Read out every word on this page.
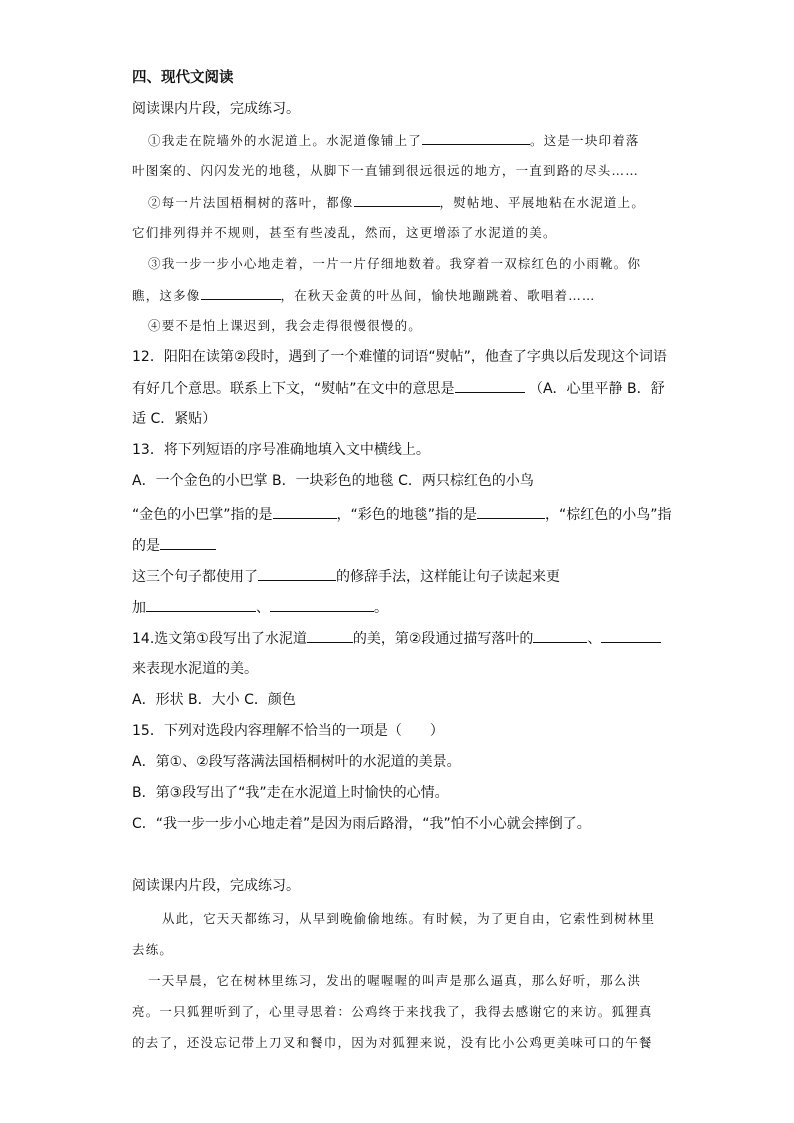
四、现代文阅读
阅读课内片段，完成练习。
①我走在院墙外的水泥道上。水泥道像铺上了	。这是一块印着落
叶图案的、闪闪发光的地毯，从脚下一直铺到很远很远的地方，一直到路的尽头……
②每一片法国梧桐树的落叶，都像	，熨帖地、平展地粘在水泥道上。
它们排列得并不规则，甚至有些凌乱，然而，这更增添了水泥道的美。
③我一步一步小心地走着，一片一片仔细地数着。我穿着一双棕红色的小雨靴。你
瞧，这多像	，在秋天金黄的叶丛间，愉快地蹦跳着、歌唱着……
④要不是怕上课迟到，我会走得很慢很慢的。
12．阳阳在读第②段时，遇到了一个难懂的词语“熨帖”，他查了字典以后发现这个词语
有好几个意思。联系上下文，“熨帖”在文中的意思是	（A．心里平静 B．舒
适 C．紧贴）
13．将下列短语的序号准确地填入文中横线上。
A．一个金色的小巴掌 B．一块彩色的地毯 C．两只棕红色的小鸟
“金色的小巴掌”指的是	，“彩色的地毯”指的是	，“棕红色的小鸟”指
的是
这三个句子都使用了	的修辞手法，这样能让句子读起来更
加	、	。
14.选文第①段写出了水泥道	的美，第②段通过描写落叶的	、
来表现水泥道的美。
A．形状 B．大小 C．颜色
15．下列对选段内容理解不恰当的一项是（　　）
A．第①、②段写落满法国梧桐树叶的水泥道的美景。
B．第③段写出了“我”走在水泥道上时愉快的心情。
C．“我一步一步小心地走着”是因为雨后路滑，“我”怕不小心就会摔倒了。
阅读课内片段，完成练习。
从此，它天天都练习，从早到晚偷偷地练。有时候，为了更自由，它索性到树林里
去练。
一天早晨，它在树林里练习，发出的喔喔喔的叫声是那么逼真，那么好听，那么洪
亮。一只狐狸听到了，心里寻思着：公鸡终于来找我了，我得去感谢它的来访。狐狸真
的去了，还没忘记带上刀叉和餐巾，因为对狐狸来说，没有比小公鸡更美味可口的午餐
